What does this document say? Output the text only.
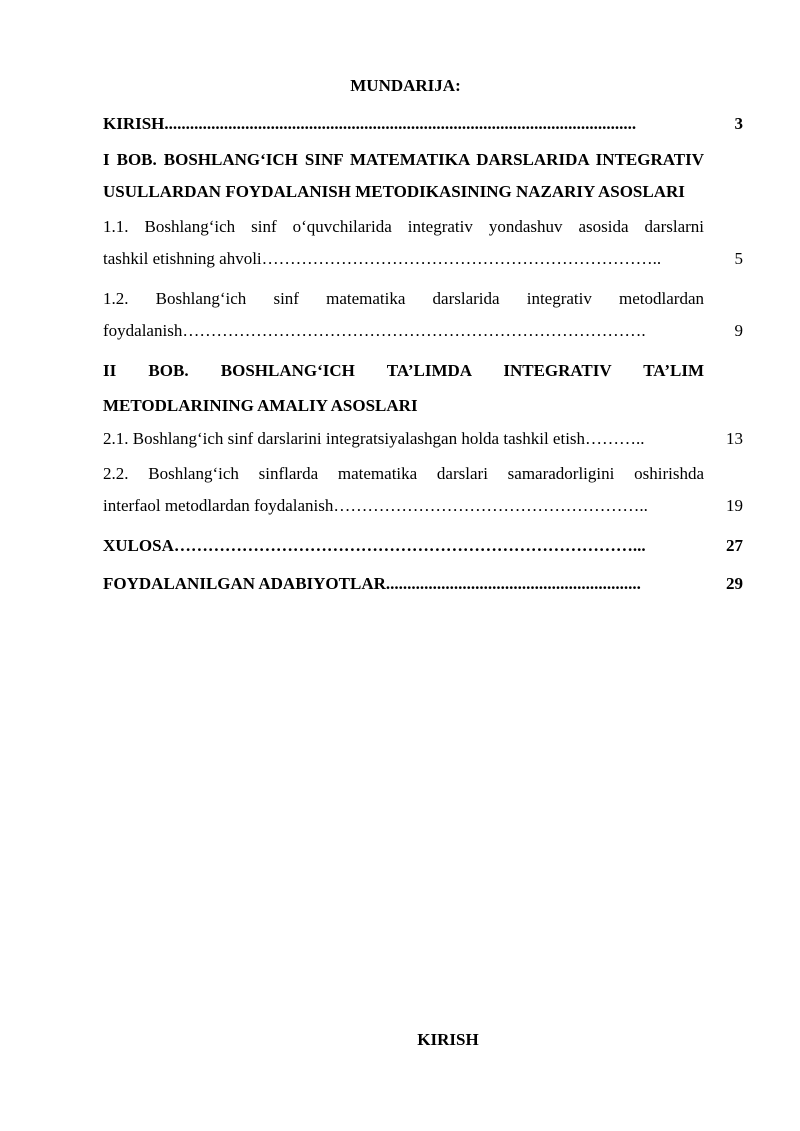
MUNDARIJA:
KIRISH...............................................................................................................	3
I BOB. BOSHLANG‘ICH SINF MATEMATIKA DARSLARIDA INTEGRATIV USULLARDAN FOYDALANISH METODIKASINING NAZARIY ASOSLARI
1.1. Boshlang‘ich sinf o‘quvchilarida integrativ yondashuv asosida darslarni
tashkil etishning ahvoli……………………………………………………………..	5
1.2. Boshlang‘ich sinf matematika darslarida integrativ metodlardan
foydalanish……………………………………………………………………….	9
II BOB. BOSHLANG‘ICH TA’LIMDA INTEGRATIV TA’LIM METODLARINING AMALIY ASOSLARI
2.1. Boshlang‘ich sinf darslarini integratsiyalashgan holda tashkil etish………..	13
2.2. Boshlang‘ich sinflarda matematika darslari samaradorligini oshirishda
interfaol metodlardan foydalanish………………………………………………..	19
XULOSA………………………………………………………………………...	27
FOYDALANILGAN ADABIYOTLAR............................................................	29
KIRISH
